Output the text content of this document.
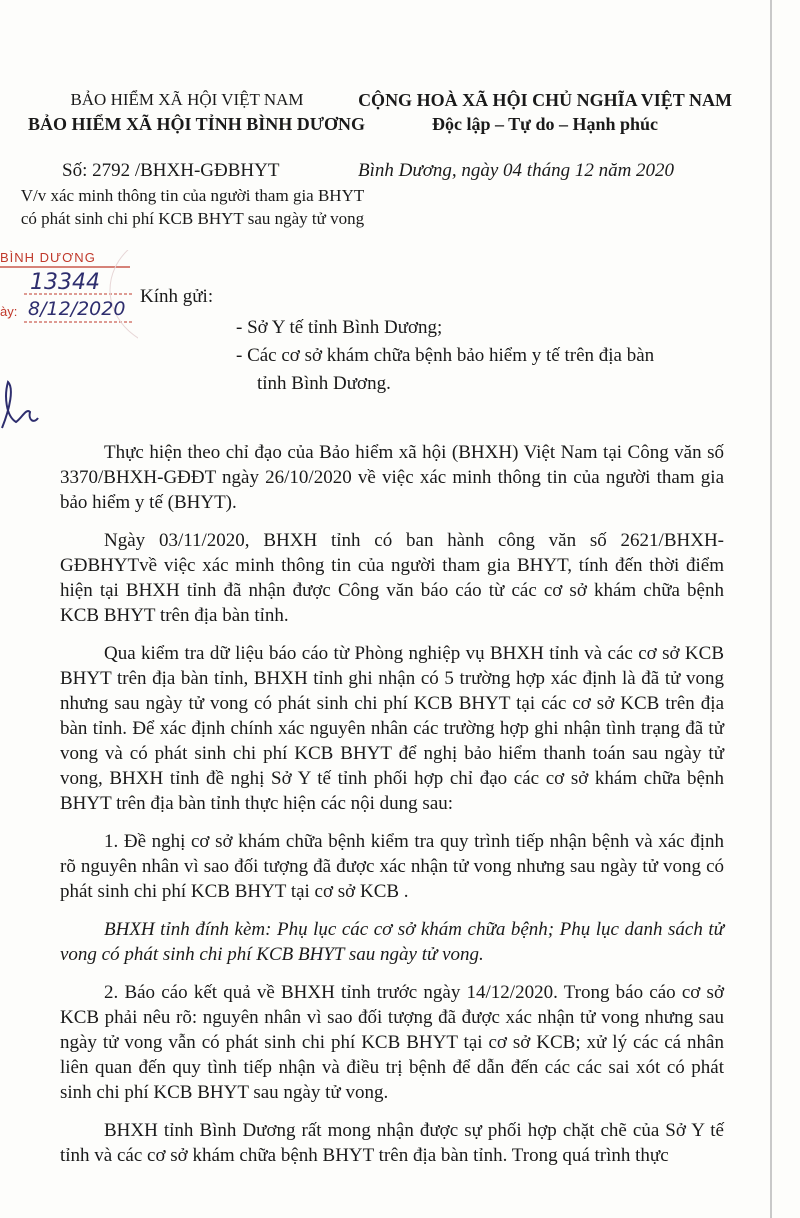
BẢO HIỂM XÃ HỘI VIỆT NAM
BẢO HIỂM XÃ HỘI TỈNH BÌNH DƯƠNG
CỘNG HOÀ XÃ HỘI CHỦ NGHĨA VIỆT NAM
Độc lập – Tự do – Hạnh phúc
Số: 2792 /BHXH-GĐBHYT	Bình Dương, ngày 04 tháng 12 năm 2020
V/v xác minh thông tin của người tham gia BHYT có phát sinh chi phí KCB BHYT sau ngày tử vong
BÌNH DƯƠNG
13344
ày: 8/12/2020
Kính gửi:
- Sở Y tế tỉnh Bình Dương;
- Các cơ sở khám chữa bệnh bảo hiểm y tế trên địa bàn
tỉnh Bình Dương.

Thực hiện theo chỉ đạo của Bảo hiểm xã hội (BHXH) Việt Nam tại Công văn số 3370/BHXH-GĐĐT ngày 26/10/2020 về việc xác minh thông tin của người tham gia bảo hiểm y tế (BHYT).

Ngày 03/11/2020, BHXH tỉnh có ban hành công văn số 2621/BHXH-GĐBHYTvề việc xác minh thông tin của người tham gia BHYT, tính đến thời điểm hiện tại BHXH tỉnh đã nhận được Công văn báo cáo từ các cơ sở khám chữa bệnh KCB BHYT trên địa bàn tỉnh.

Qua kiểm tra dữ liệu báo cáo từ Phòng nghiệp vụ BHXH tỉnh và các cơ sở KCB BHYT trên địa bàn tỉnh, BHXH tỉnh ghi nhận có 5 trường hợp xác định là đã tử vong nhưng sau ngày tử vong có phát sinh chi phí KCB BHYT tại các cơ sở KCB trên địa bàn tỉnh. Để xác định chính xác nguyên nhân các trường hợp ghi nhận tình trạng đã tử vong và có phát sinh chi phí KCB BHYT để nghị bảo hiểm thanh toán sau ngày tử vong, BHXH tỉnh đề nghị Sở Y tế tỉnh phối hợp chỉ đạo các cơ sở khám chữa bệnh BHYT trên địa bàn tỉnh thực hiện các nội dung sau:

1. Đề nghị cơ sở khám chữa bệnh kiểm tra quy trình tiếp nhận bệnh và xác định rõ nguyên nhân vì sao đối tượng đã được xác nhận tử vong nhưng sau ngày tử vong có phát sinh chi phí KCB BHYT tại cơ sở KCB .

BHXH tỉnh đính kèm: Phụ lục các cơ sở khám chữa bệnh; Phụ lục danh sách tử vong có phát sinh chi phí KCB BHYT sau ngày tử vong.

2. Báo cáo kết quả về BHXH tỉnh trước ngày 14/12/2020. Trong báo cáo cơ sở KCB phải nêu rõ: nguyên nhân vì sao đối tượng đã được xác nhận tử vong nhưng sau ngày tử vong vẫn có phát sinh chi phí KCB BHYT tại cơ sở KCB; xử lý các cá nhân liên quan đến quy tình tiếp nhận và điều trị bệnh để dẫn đến các các sai xót có phát sinh chi phí KCB BHYT sau ngày tử vong.

BHXH tỉnh Bình Dương rất mong nhận được sự phối hợp chặt chẽ của Sở Y tế tỉnh và các cơ sở khám chữa bệnh BHYT trên địa bàn tỉnh. Trong quá trình thực
